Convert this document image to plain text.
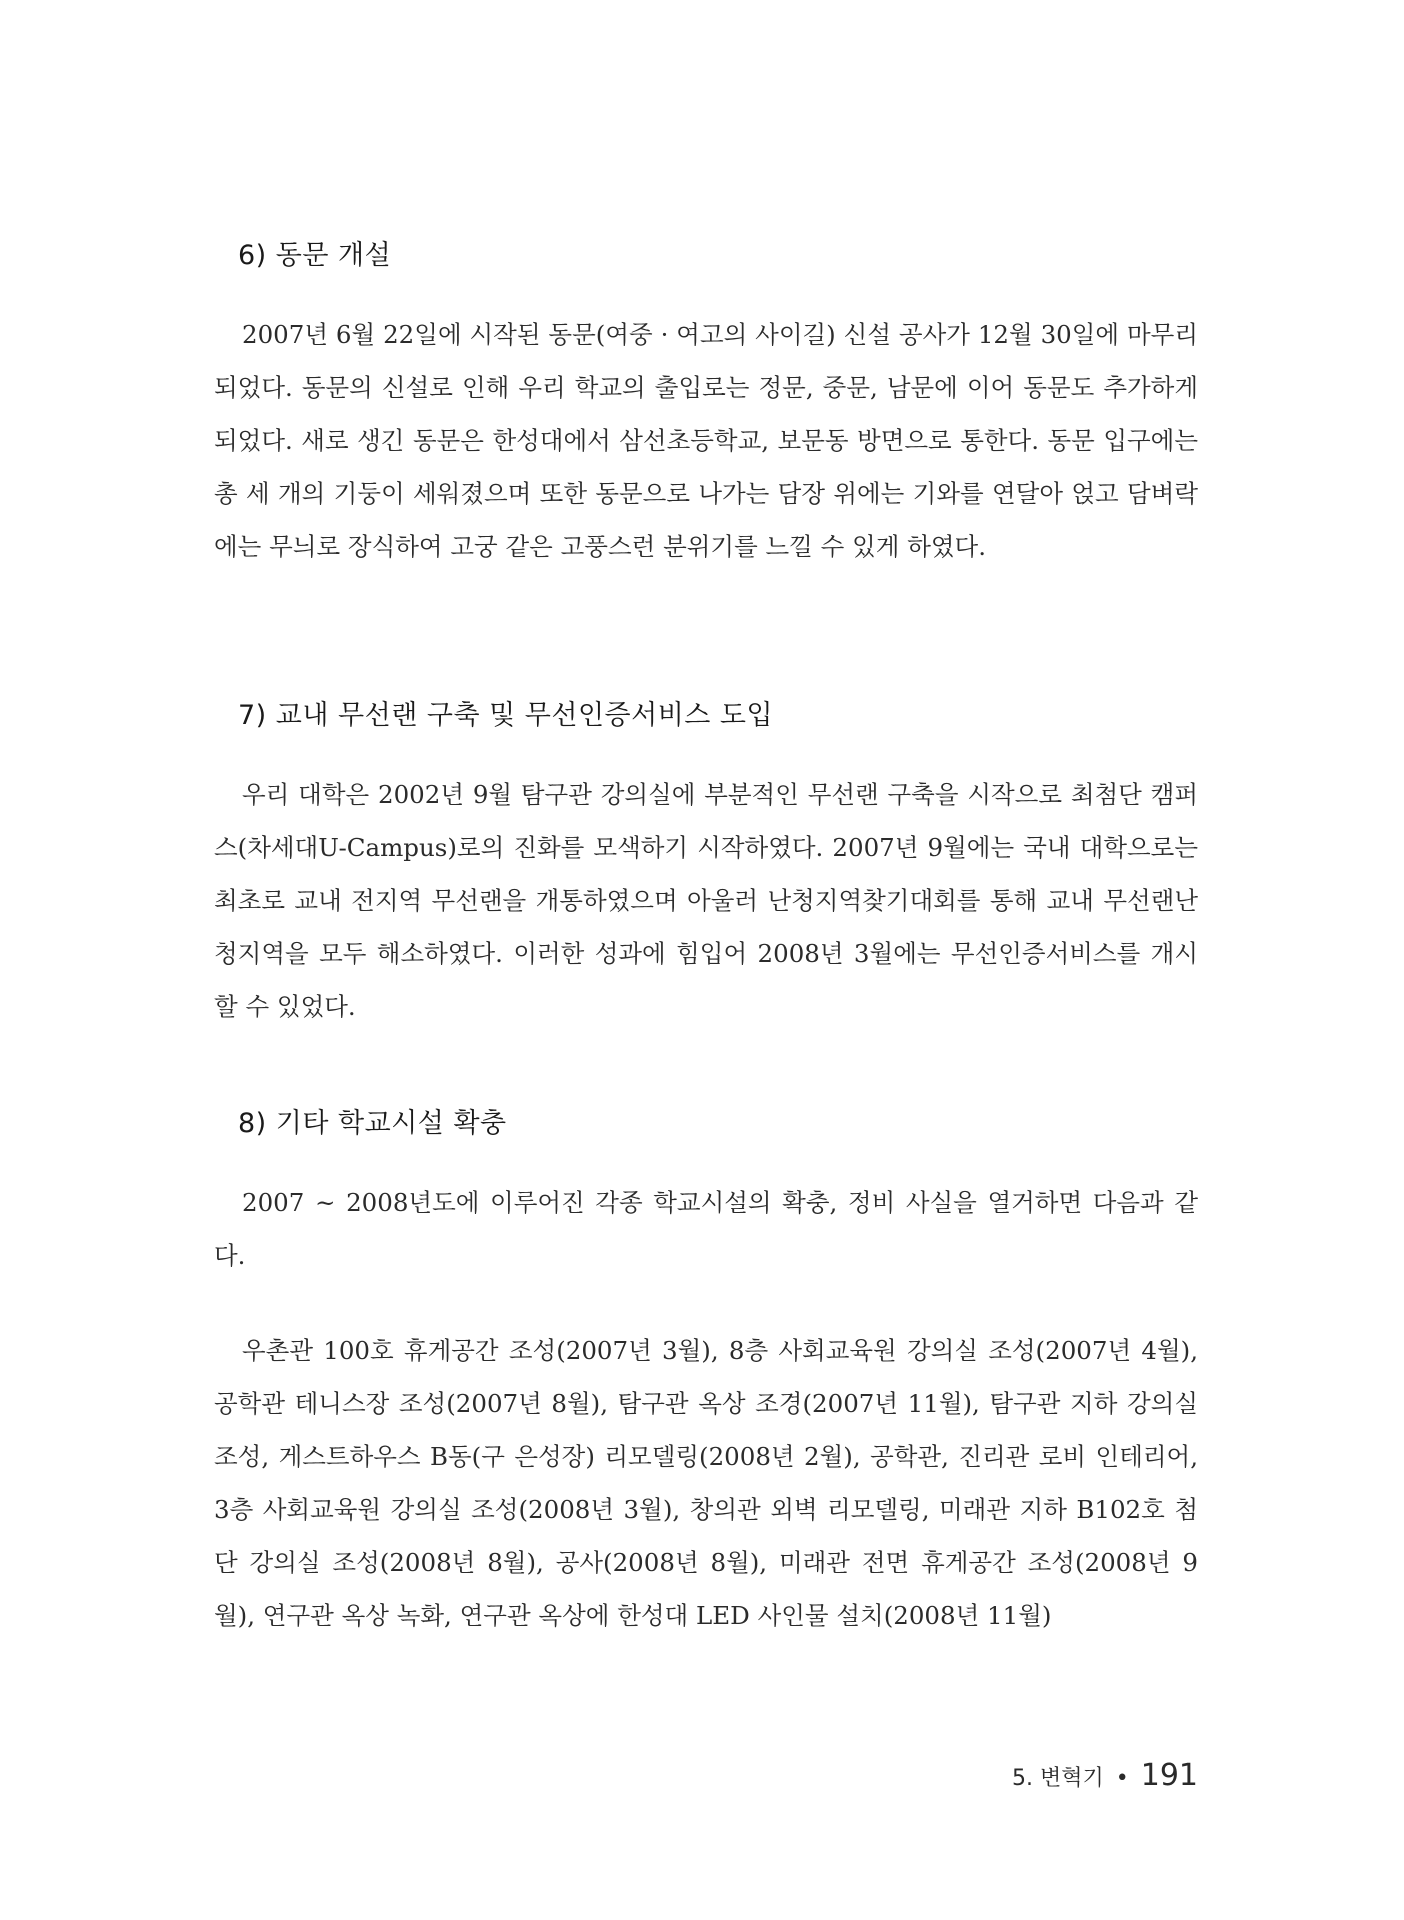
6) 동문 개설

2007년 6월 22일에 시작된 동문(여중 · 여고의 사이길) 신설 공사가 12월 30일에 마무리되었다. 동문의 신설로 인해 우리 학교의 출입로는 정문, 중문, 남문에 이어 동문도 추가하게 되었다. 새로 생긴 동문은 한성대에서 삼선초등학교, 보문동 방면으로 통한다. 동문 입구에는 총 세 개의 기둥이 세워졌으며 또한 동문으로 나가는 담장 위에는 기와를 연달아 얹고 담벼락에는 무늬로 장식하여 고궁 같은 고풍스런 분위기를 느낄 수 있게 하였다.

7) 교내 무선랜 구축 및 무선인증서비스 도입

우리 대학은 2002년 9월 탐구관 강의실에 부분적인 무선랜 구축을 시작으로 최첨단 캠퍼스(차세대U-Campus)로의 진화를 모색하기 시작하였다. 2007년 9월에는 국내 대학으로는 최초로 교내 전지역 무선랜을 개통하였으며 아울러 난청지역찾기대회를 통해 교내 무선랜난청지역을 모두 해소하였다. 이러한 성과에 힘입어 2008년 3월에는 무선인증서비스를 개시할 수 있었다.

8) 기타 학교시설 확충

2007 ~ 2008년도에 이루어진 각종 학교시설의 확충, 정비 사실을 열거하면 다음과 같다.

우촌관 100호 휴게공간 조성(2007년 3월), 8층 사회교육원 강의실 조성(2007년 4월), 공학관 테니스장 조성(2007년 8월), 탐구관 옥상 조경(2007년 11월), 탐구관 지하 강의실 조성, 게스트하우스 B동(구 은성장) 리모델링(2008년 2월), 공학관, 진리관 로비 인테리어, 3층 사회교육원 강의실 조성(2008년 3월), 창의관 외벽 리모델링, 미래관 지하 B102호 첨단 강의실 조성(2008년 8월), 공사(2008년 8월), 미래관 전면 휴게공간 조성(2008년 9월), 연구관 옥상 녹화, 연구관 옥상에 한성대 LED 사인물 설치(2008년 11월)

5. 변혁기 • 191
